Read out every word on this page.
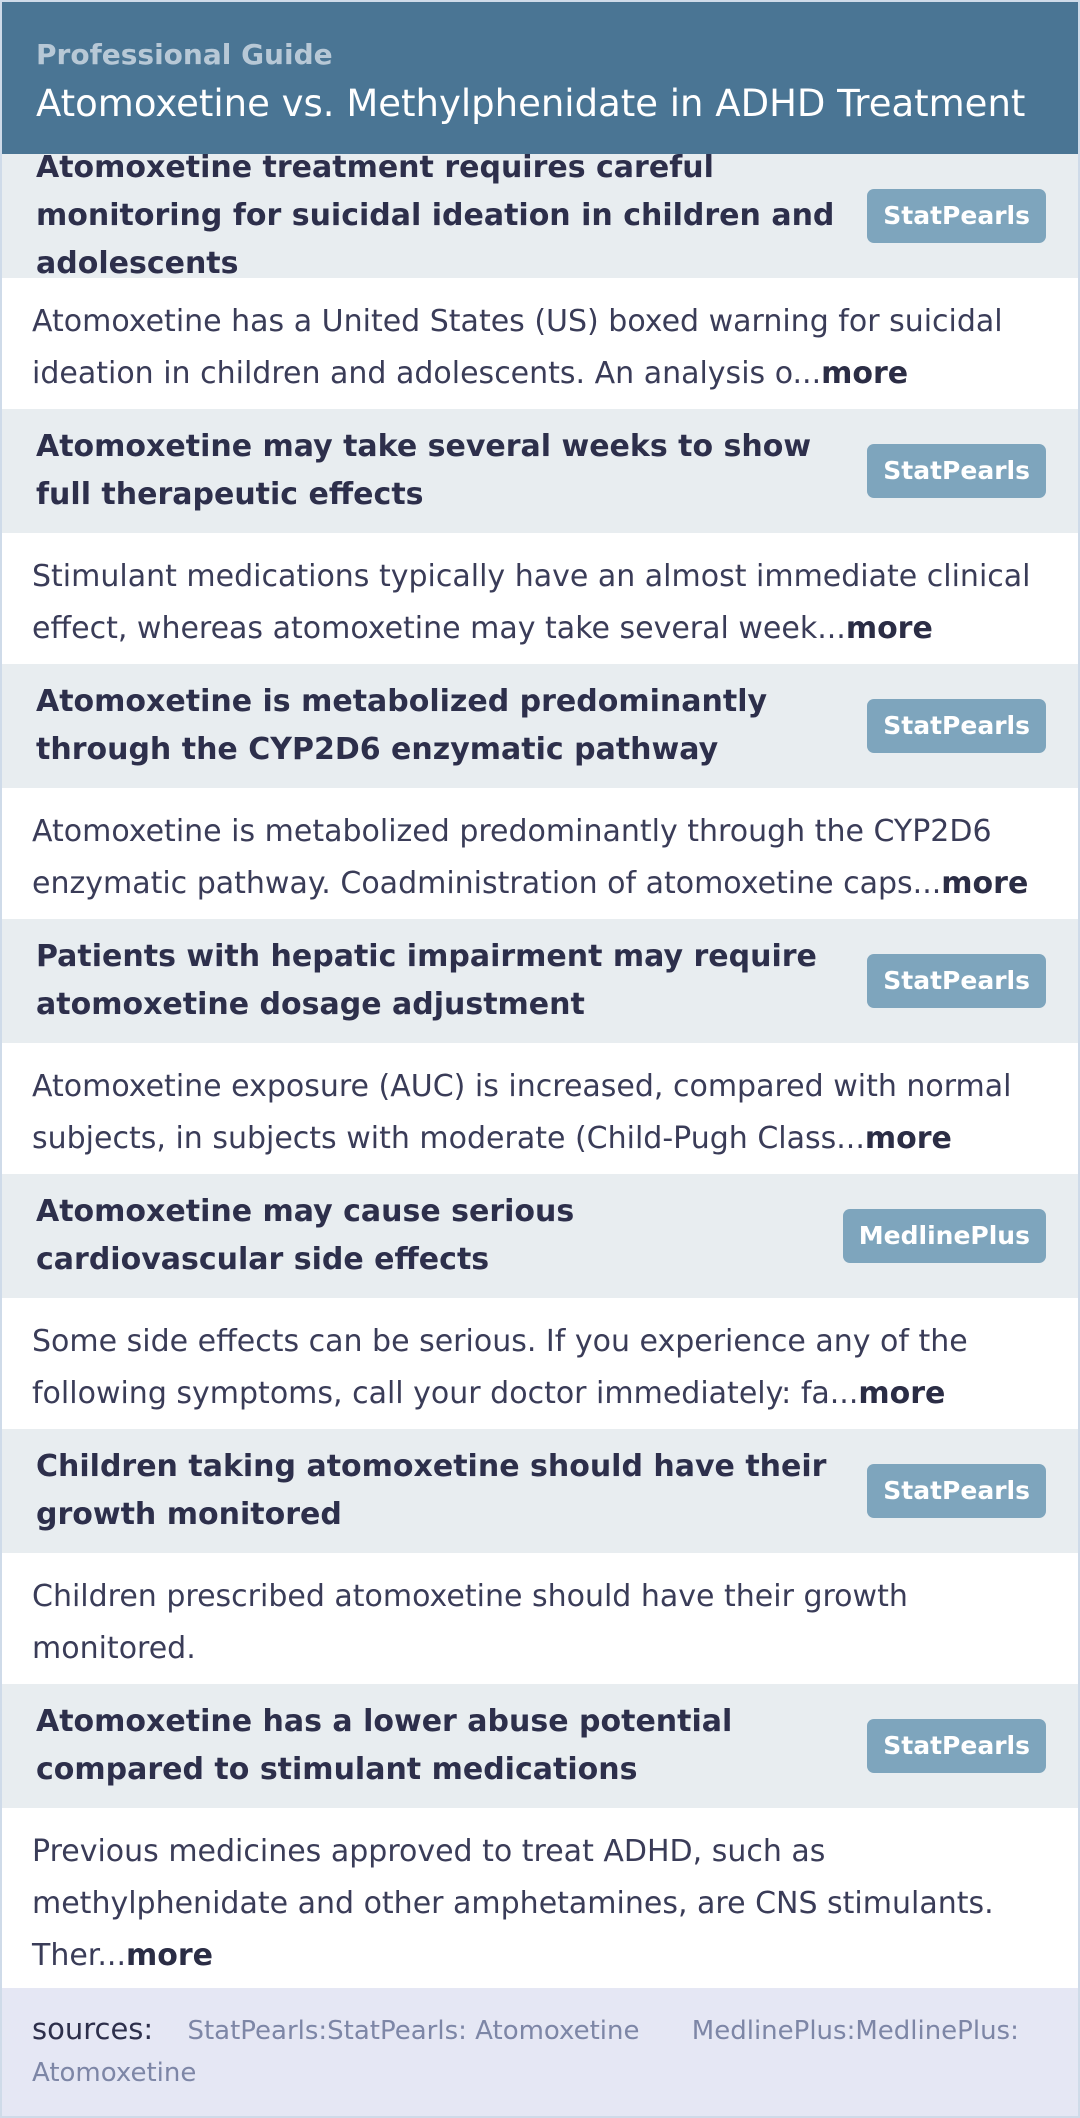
Professional Guide
Atomoxetine vs. Methylphenidate in ADHD Treatment
Atomoxetine treatment requires careful monitoring for suicidal ideation in children and adolescents
StatPearls
Atomoxetine has a United States (US) boxed warning for suicidal ideation in children and adolescents. An analysis o...more
Atomoxetine may take several weeks to show full therapeutic effects
StatPearls
Stimulant medications typically have an almost immediate clinical effect, whereas atomoxetine may take several week...more
Atomoxetine is metabolized predominantly through the CYP2D6 enzymatic pathway
StatPearls
Atomoxetine is metabolized predominantly through the CYP2D6 enzymatic pathway. Coadministration of atomoxetine caps...more
Patients with hepatic impairment may require atomoxetine dosage adjustment
StatPearls
Atomoxetine exposure (AUC) is increased, compared with normal subjects, in subjects with moderate (Child-Pugh Class...more
Atomoxetine may cause serious cardiovascular side effects
MedlinePlus
Some side effects can be serious. If you experience any of the following symptoms, call your doctor immediately: fa...more
Children taking atomoxetine should have their growth monitored
StatPearls
Children prescribed atomoxetine should have their growth monitored.
Atomoxetine has a lower abuse potential compared to stimulant medications
StatPearls
Previous medicines approved to treat ADHD, such as methylphenidate and other amphetamines, are CNS stimulants. Ther...more
sources: StatPearls:StatPearls: Atomoxetine MedlinePlus:MedlinePlus: Atomoxetine
